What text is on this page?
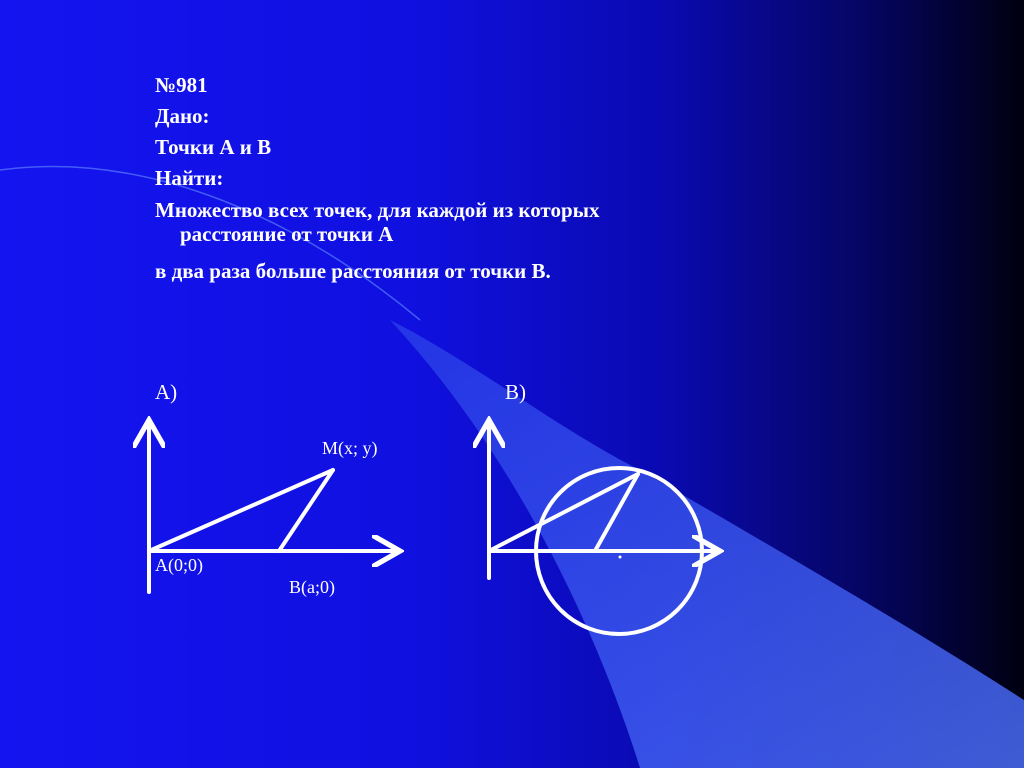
№981
Дано:
Точки А и В
Найти:
Множество всех точек, для каждой из которых
расстояние от точки А
в два раза больше расстояния от точки В.
А)	В)
М(x; y)
А(0;0)
В(a;0)
